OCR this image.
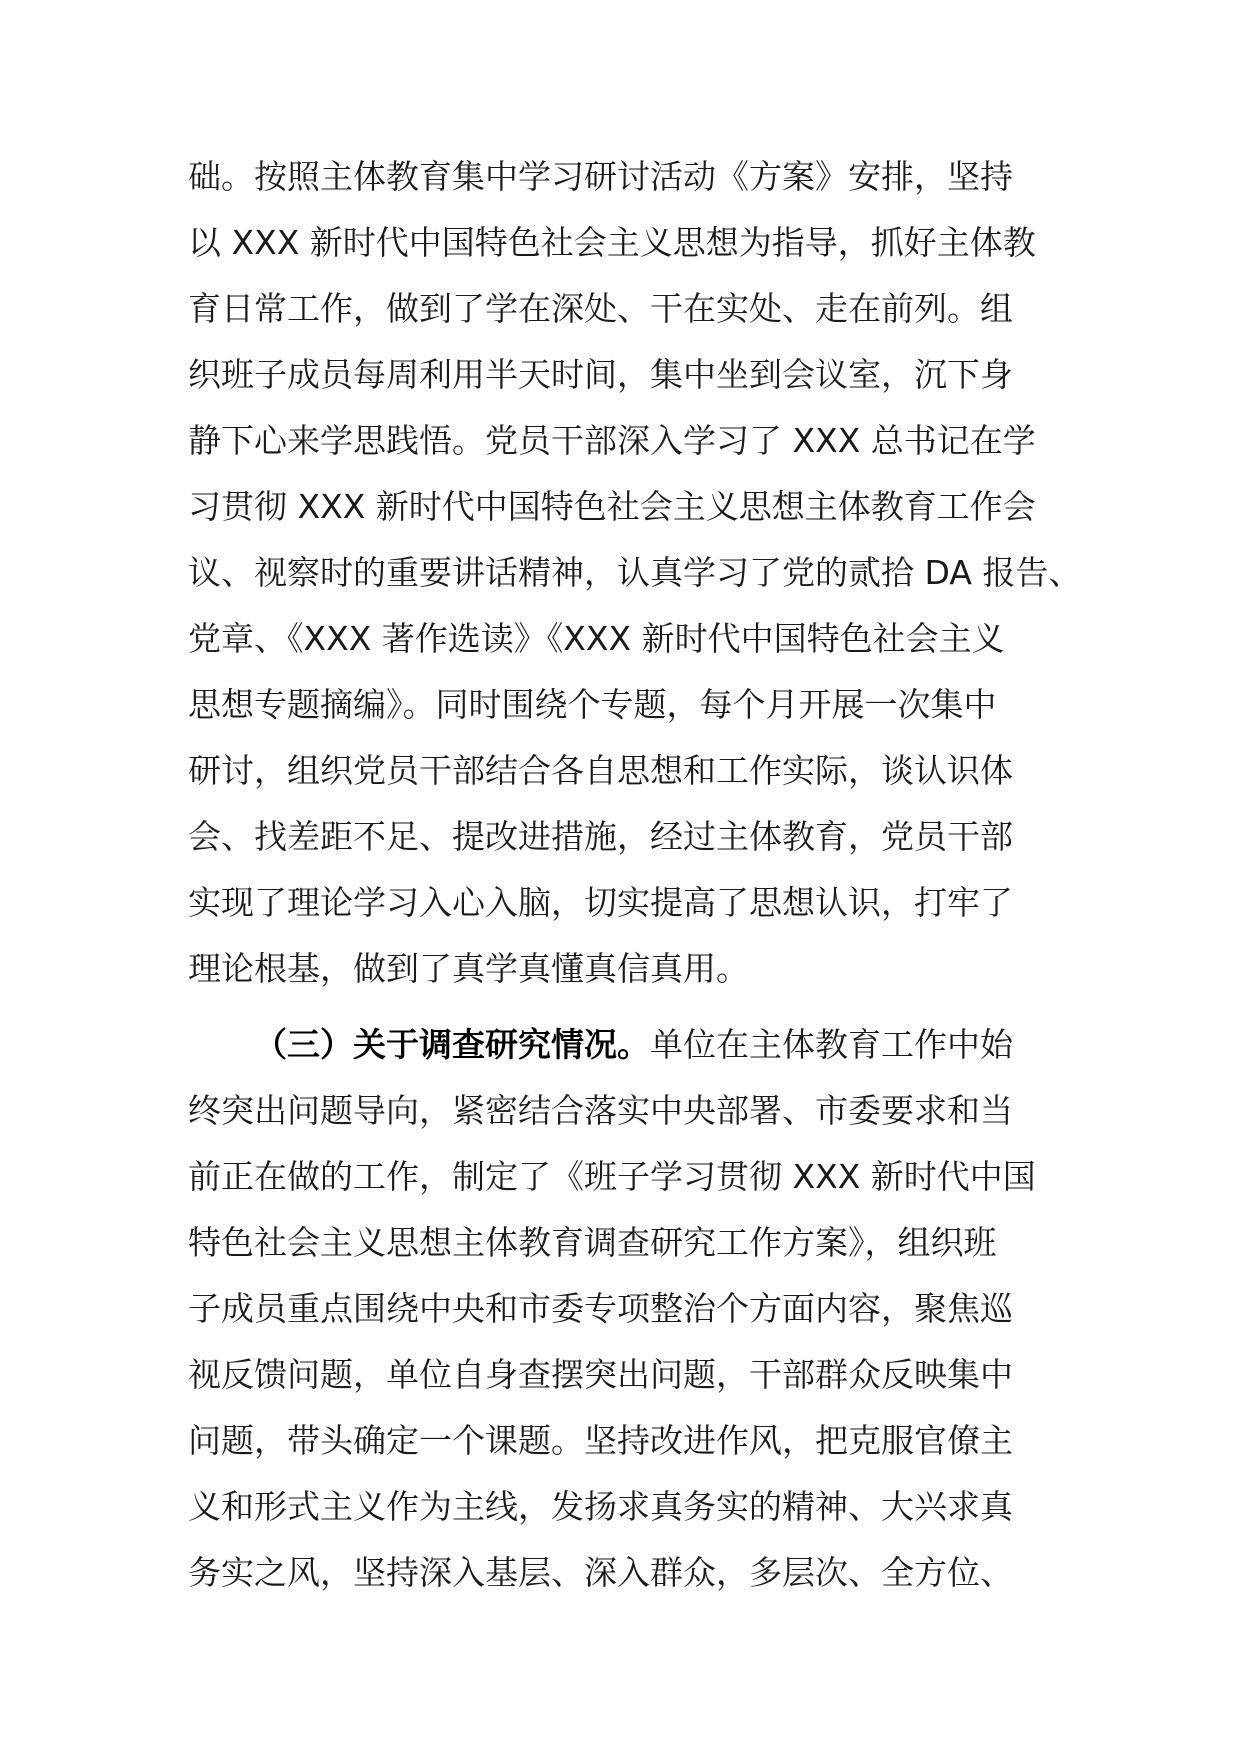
础。按照主体教育集中学习研讨活动《方案》安排，坚持
以 XXX 新时代中国特色社会主义思想为指导，抓好主体教
育日常工作，做到了学在深处、干在实处、走在前列。组
织班子成员每周利用半天时间，集中坐到会议室，沉下身
静下心来学思践悟。党员干部深入学习了 XXX 总书记在学
习贯彻 XXX 新时代中国特色社会主义思想主体教育工作会
议、视察时的重要讲话精神，认真学习了党的贰拾 DA 报告、
党章、《XXX 著作选读》《XXX 新时代中国特色社会主义
思想专题摘编》。同时围绕个专题，每个月开展一次集中
研讨，组织党员干部结合各自思想和工作实际，谈认识体
会、找差距不足、提改进措施，经过主体教育，党员干部
实现了理论学习入心入脑，切实提高了思想认识，打牢了
理论根基，做到了真学真懂真信真用。
（三）关于调查研究情况。单位在主体教育工作中始
终突出问题导向，紧密结合落实中央部署、市委要求和当
前正在做的工作，制定了《班子学习贯彻 XXX 新时代中国
特色社会主义思想主体教育调查研究工作方案》，组织班
子成员重点围绕中央和市委专项整治个方面内容，聚焦巡
视反馈问题，单位自身查摆突出问题，干部群众反映集中
问题，带头确定一个课题。坚持改进作风，把克服官僚主
义和形式主义作为主线，发扬求真务实的精神、大兴求真
务实之风，坚持深入基层、深入群众，多层次、全方位、
